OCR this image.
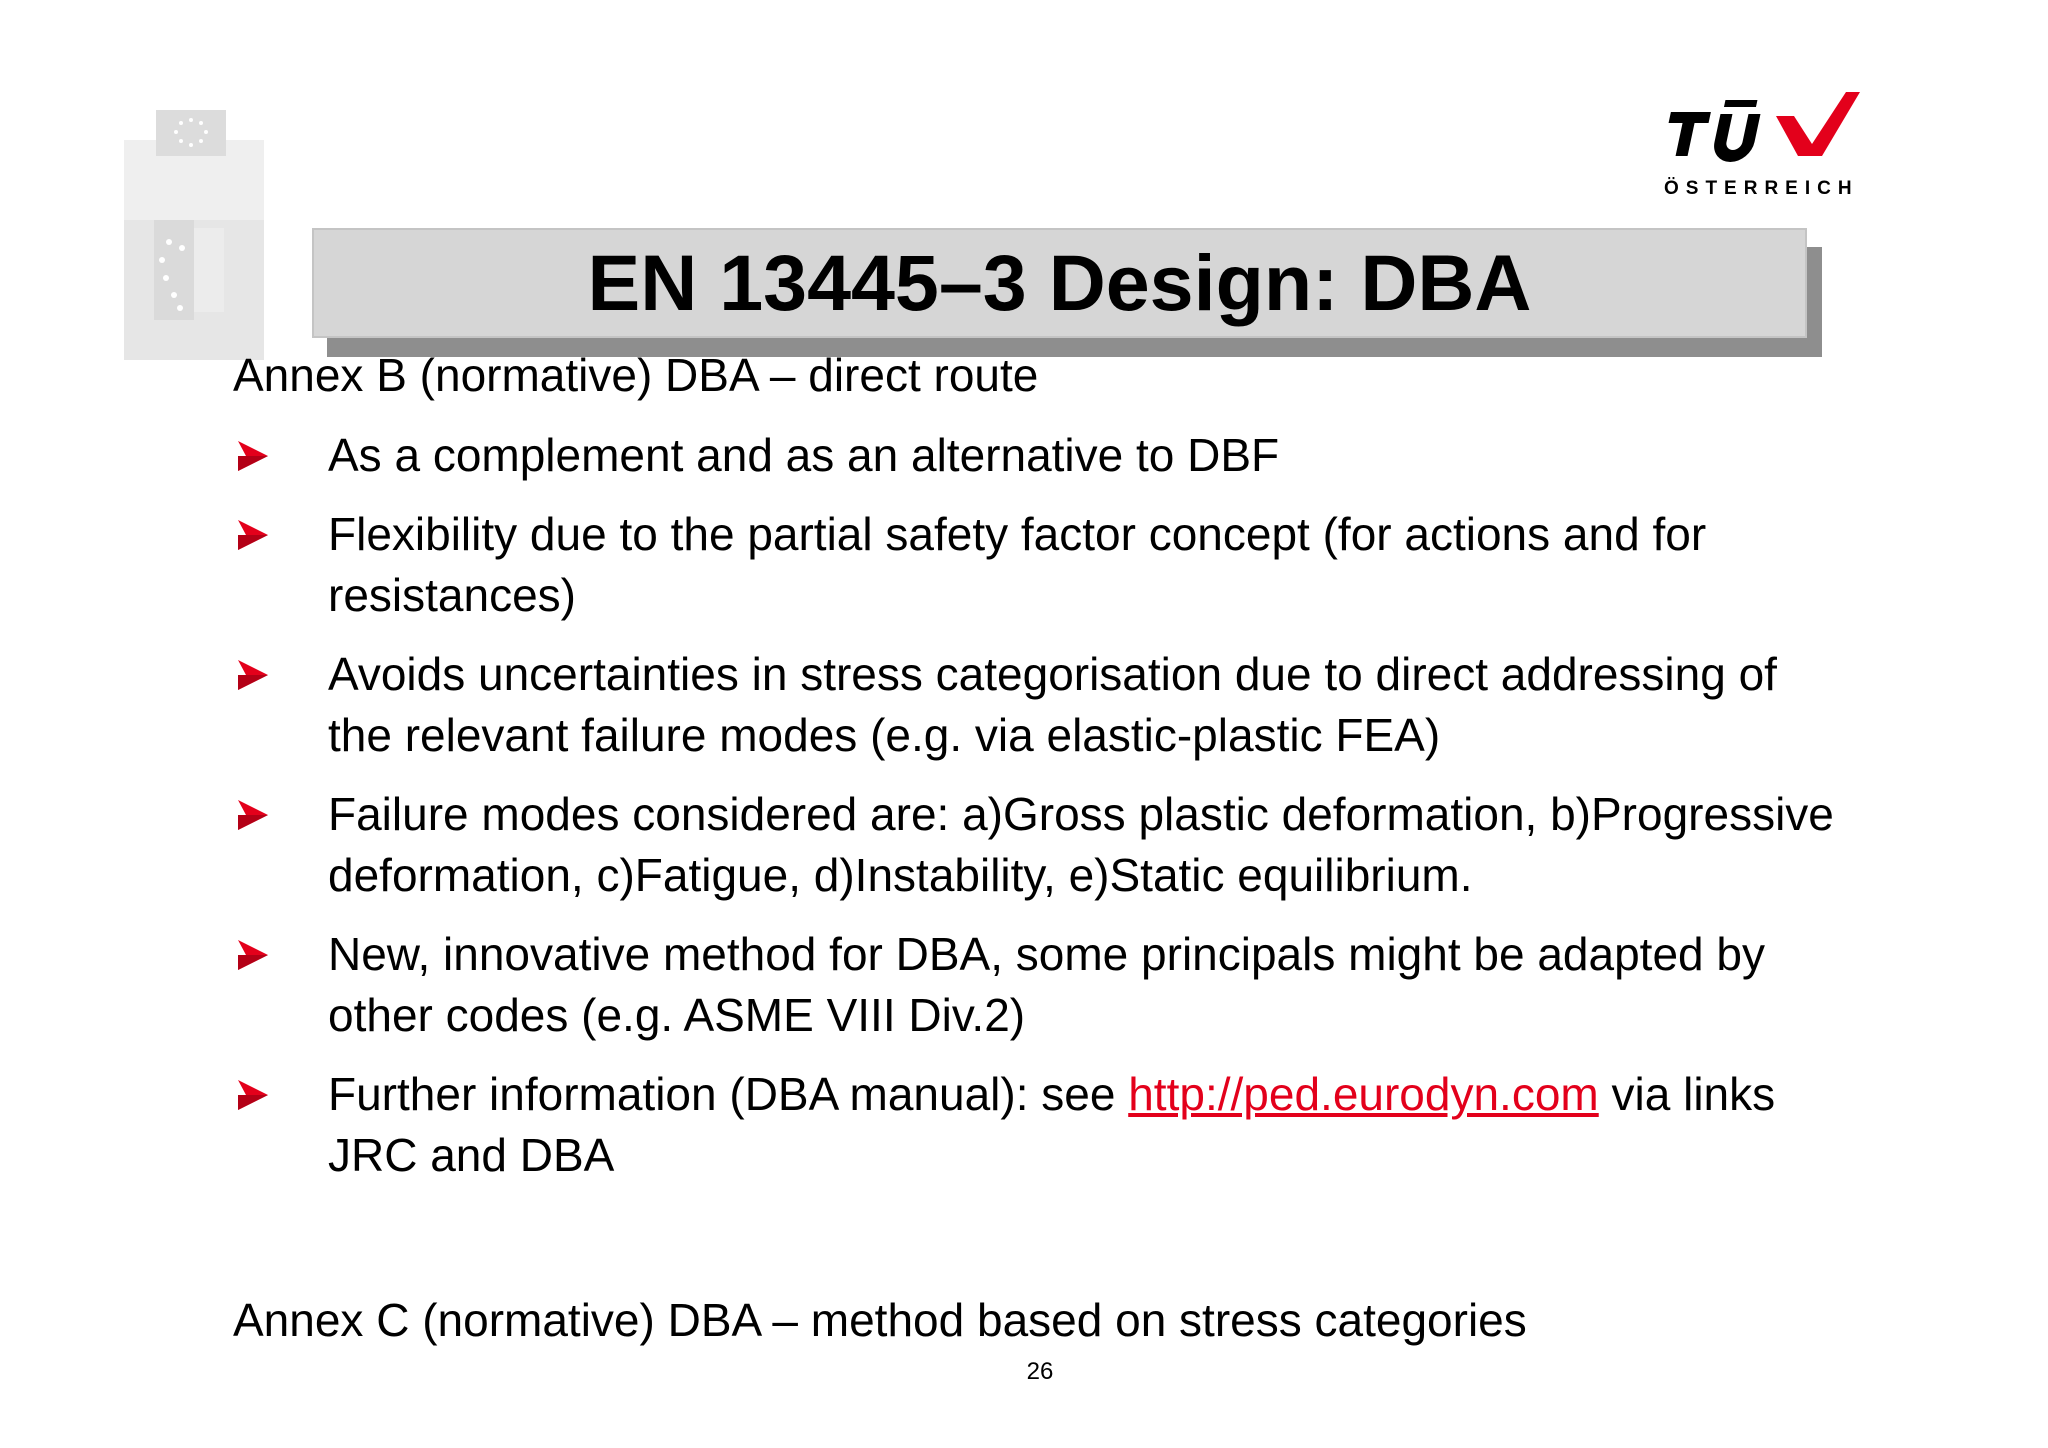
ÖSTERREICH
EN 13445–3 Design: DBA
Annex B (normative) DBA – direct route
As a complement and as an alternative to DBF
Flexibility due to the partial safety factor concept (for actions and for resistances)
Avoids uncertainties in stress categorisation due to direct addressing of the relevant failure modes (e.g. via elastic-plastic FEA)
Failure modes considered are: a)Gross plastic deformation, b)Progressive deformation, c)Fatigue, d)Instability, e)Static equilibrium.
New, innovative method for DBA, some principals might be adapted by other codes (e.g. ASME VIII Div.2)
Further information (DBA manual): see http://ped.eurodyn.com via links JRC and DBA
Annex C (normative) DBA – method based on stress categories
26
